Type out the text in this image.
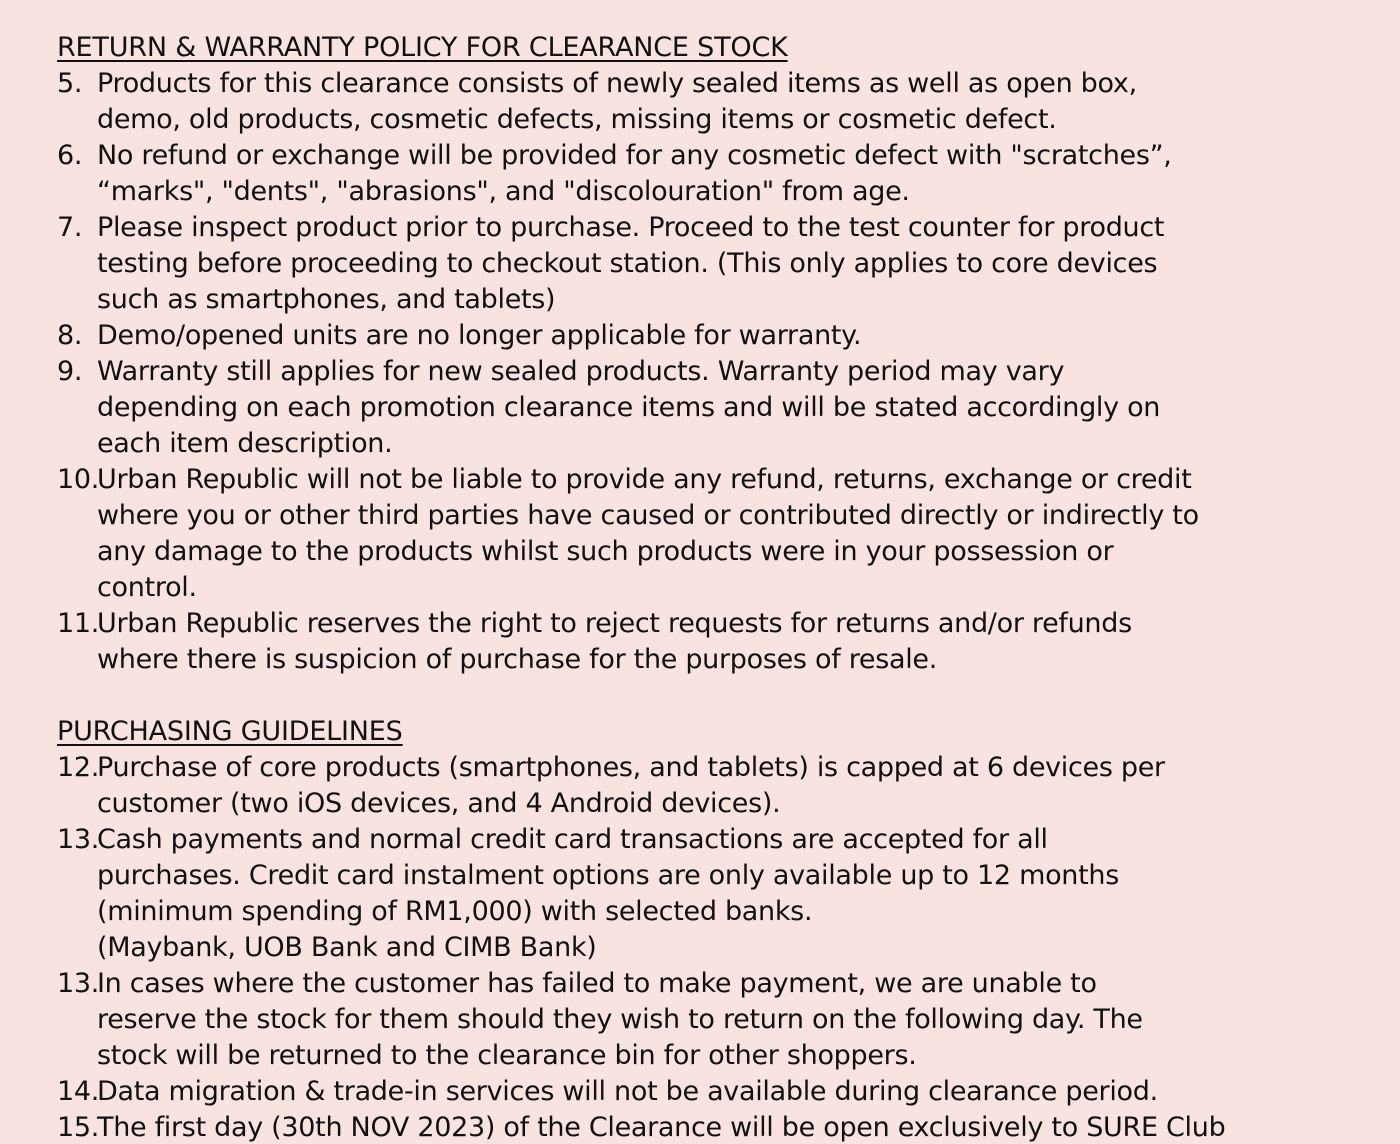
RETURN & WARRANTY POLICY FOR CLEARANCE STOCK
5. Products for this clearance consists of newly sealed items as well as open box,
demo, old products, cosmetic defects, missing items or cosmetic defect.
6. No refund or exchange will be provided for any cosmetic defect with "scratches”,
“marks", "dents", "abrasions", and "discolouration" from age.
7. Please inspect product prior to purchase. Proceed to the test counter for product
testing before proceeding to checkout station. (This only applies to core devices
such as smartphones, and tablets)
8. Demo/opened units are no longer applicable for warranty.
9. Warranty still applies for new sealed products. Warranty period may vary
depending on each promotion clearance items and will be stated accordingly on
each item description.
10.
Urban Republic will not be liable to provide any refund, returns, exchange or credit
where you or other third parties have caused or contributed directly or indirectly to
any damage to the products whilst such products were in your possession or
control.
11.
Urban Republic reserves the right to reject requests for returns and/or refunds
where there is suspicion of purchase for the purposes of resale.
PURCHASING GUIDELINES
12.
Purchase of core products (smartphones, and tablets) is capped at 6 devices per
customer (two iOS devices, and 4 Android devices).
13.
Cash payments and normal credit card transactions are accepted for all
purchases. Credit card instalment options are only available up to 12 months
(minimum spending of RM1,000) with selected banks.
(Maybank, UOB Bank and CIMB Bank)
13.
In cases where the customer has failed to make payment, we are unable to
reserve the stock for them should they wish to return on the following day. The
stock will be returned to the clearance bin for other shoppers.
14.
Data migration & trade-in services will not be available during clearance period.
15.
The first day (30th NOV 2023) of the Clearance will be open exclusively to SURE Club
